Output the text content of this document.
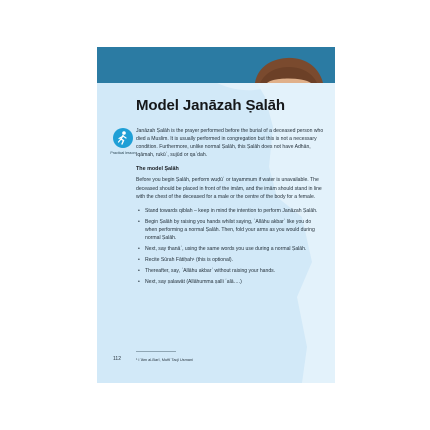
Model Janāzah Ṣalāh
Practical lesson

Janāzah Ṣalāh is the prayer performed before the burial of a deceased person who died a Muslim. It is usually performed in congregation but this is not a necessary condition. Furthermore, unlike normal Ṣalāh, this Ṣalāh does not have Adhān, Iqāmah, rukūʿ, sujūd or qaʿdah.

The model Ṣalāh

Before you begin Ṣalāh, perform wuḍūʾ or tayammum if water is unavailable. The deceased should be placed in front of the imām, and the imām should stand in line with the chest of the deceased for a male or the centre of the body for a female.

• Stand towards qiblah – keep in mind the intention to perform Janāzah Ṣalāh.
• Begin Ṣalāh by raising you hands whilst saying, ʿAllāhu akbarʾ like you do when performing a normal Ṣalāh. Then, fold your arms as you would during normal Ṣalāh.
• Next, say thanāʾ, using the same words you use during a normal Ṣalāh.
• Recite Sūrah Fātiḥah¹ (this is optional).
• Thereafter, say, ʿAllāhu akbarʾ without raising your hands.
• Next, say ṣalawāt (Allāhumma ṣalli ʿalā….)
112	¹ Iʿlām al-Barī, Muftī Taqī Usmani
